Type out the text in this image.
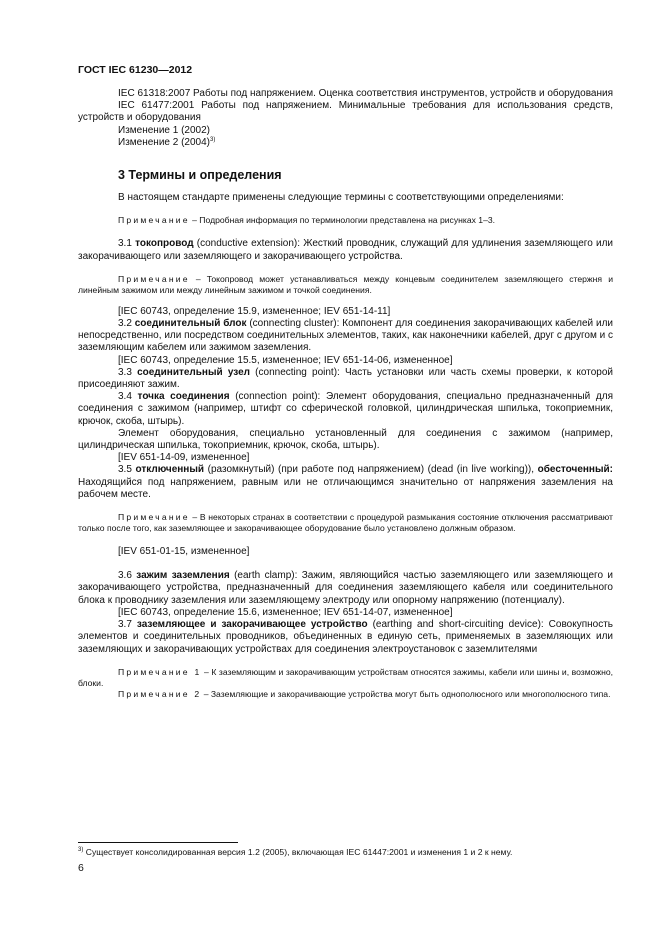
ГОСТ IEC 61230—2012

IEC 61318:2007 Работы под напряжением. Оценка соответствия инструментов, устройств и оборудования

IEC 61477:2001 Работы под напряжением. Минимальные требования для использования средств, устройств и оборудования

Изменение 1 (2002)

Изменение 2 $(2004)^{3)}$

3 Термины и определения

В настоящем стандарте применены следующие термины с соответствующими определениями:

Примечание – Подробная информация по терминологии представлена на рисунках 1–3.

3.1 токопровод (conductive extension): Жесткий проводник, служащий для удлинения заземляющего или закорачивающего или заземляющего и закорачивающего устройства.

Примечание – Токопровод может устанавливаться между концевым соединителем заземляющего стержня и линейным зажимом или между линейным зажимом и точкой соединения.

[IEC 60743, определение 15.9, измененное; IEV 651-14-11]

3.2 соединительный блок (connecting cluster): Компонент для соединения закорачивающих кабелей или непосредственно, или посредством соединительных элементов, таких, как наконечники кабелей, друг с другом и с заземляющим кабелем или зажимом заземления.

[IEC 60743, определение 15.5, измененное; IEV 651-14-06, измененное]

3.3 соединительный узел (connecting point): Часть установки или часть схемы проверки, к которой присоединяют зажим.

3.4 точка соединения (connection point): Элемент оборудования, специально предназначенный для соединения с зажимом (например, штифт со сферической головкой, цилиндрическая шпилька, токоприемник, крючок, скоба, штырь).

Элемент оборудования, специально установленный для соединения с зажимом (например, цилиндрическая шпилька, токоприемник, крючок, скоба, штырь).

[IEV 651-14-09, измененное]

3.5 отключенный (разомкнутый) (при работе под напряжением) (dead (in live working)), обесточенный: Находящийся под напряжением, равным или не отличающимся значительно от напряжения заземления на рабочем месте.

Примечание – В некоторых странах в соответствии с процедурой размыкания состояние отключения рассматривают только после того, как заземляющее и закорачивающее оборудование было установлено должным образом.

[IEV 651-01-15, измененное]

3.6 зажим заземления (earth clamp): Зажим, являющийся частью заземляющего или заземляющего и закорачивающего устройства, предназначенный для соединения заземляющего кабеля или соединительного блока к проводнику заземления или заземляющему электроду или опорному напряжению (потенциалу).

[IEC 60743, определение 15.6, измененное; IEV 651-14-07, измененное]

3.7 заземляющее и закорачивающее устройство (earthing and short-circuiting device): Совокупность элементов и соединительных проводников, объединенных в единую сеть, применяемых в заземляющих или заземляющих и закорачивающих устройствах для соединения электроустановок с заземлителями

Примечание 1 – К заземляющим и закорачивающим устройствам относятся зажимы, кабели или шины и, возможно, блоки.

Примечание 2 – Заземляющие и закорачивающие устройства могут быть однополюсного или многополюсного типа.

$^{3)}$ Существует консолидированная версия 1.2 (2005), включающая IEC 61447:2001 и изменения 1 и 2 к нему.
6
